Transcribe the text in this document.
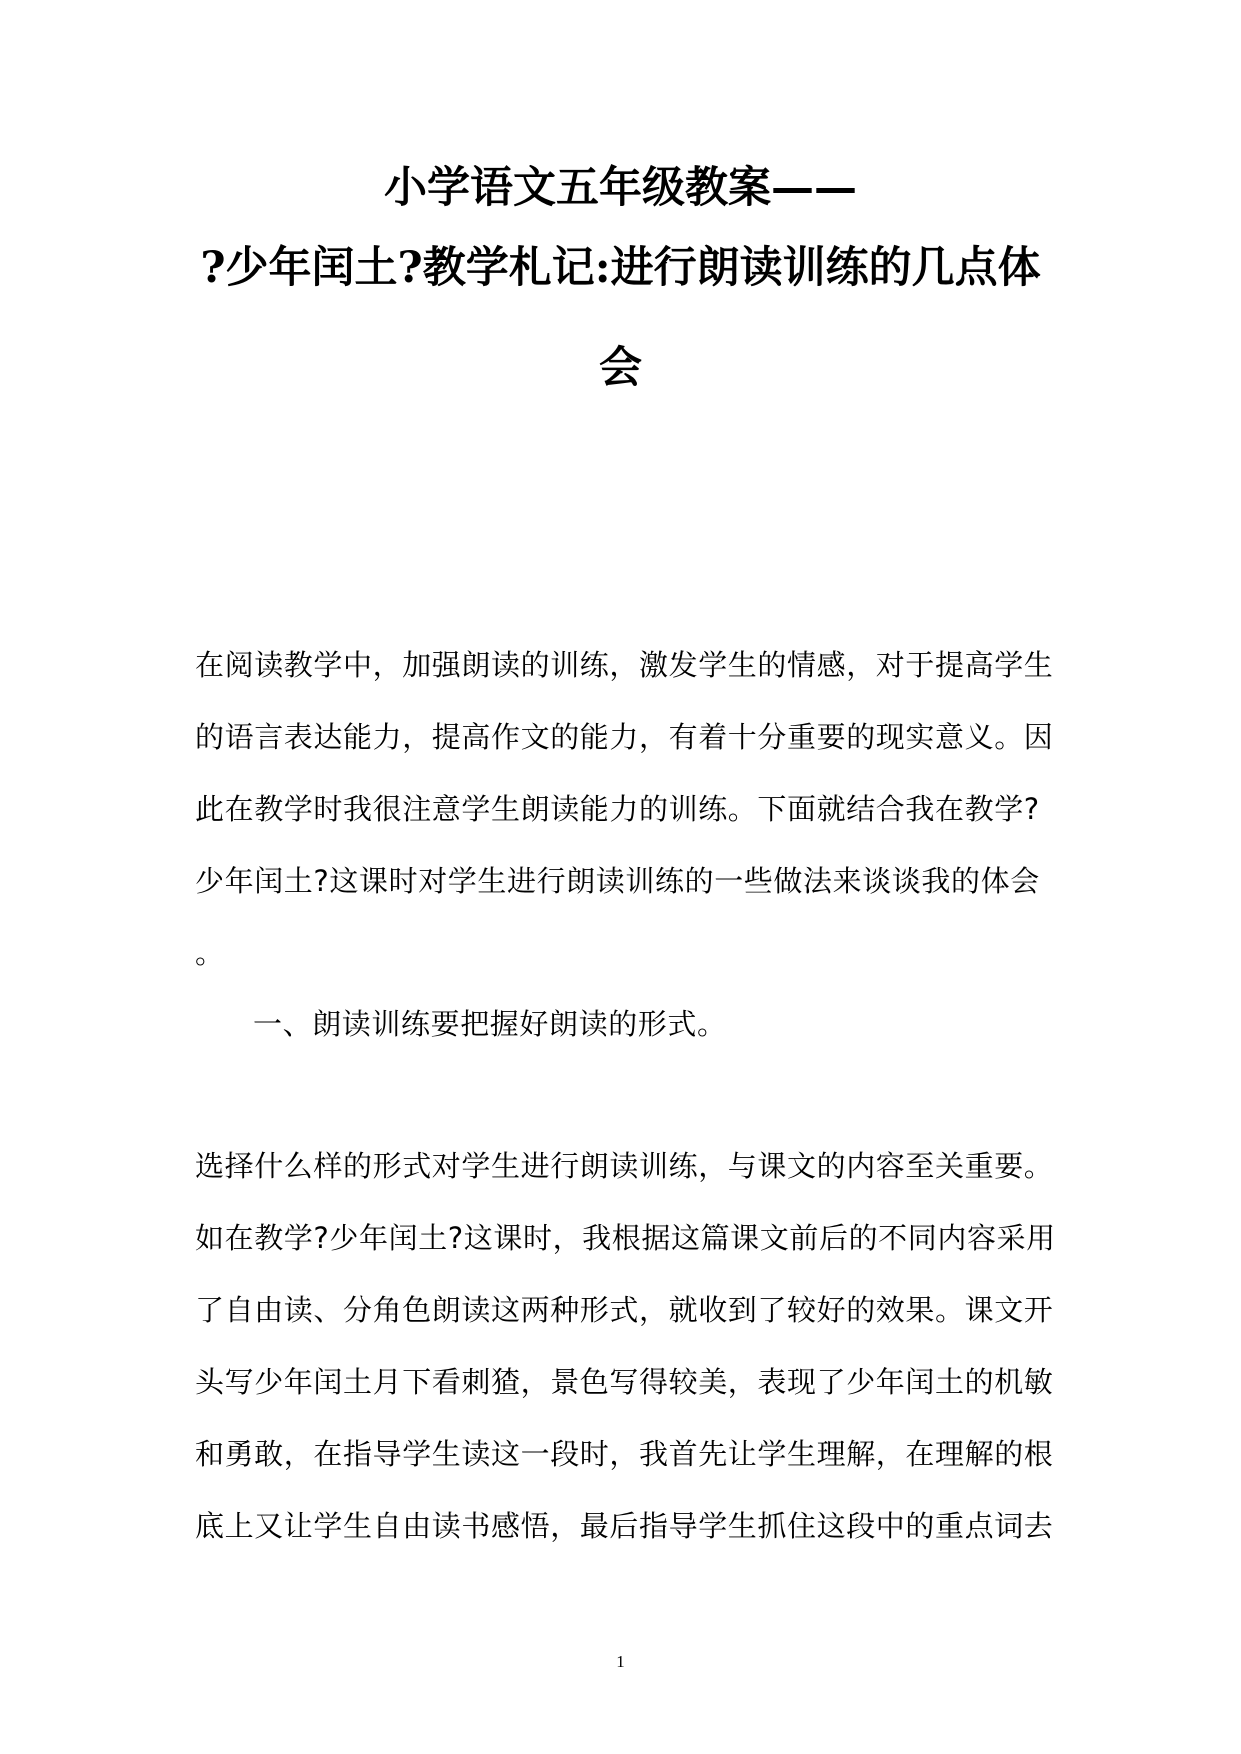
小学语文五年级教案——
?少年闰土?教学札记:进行朗读训练的几点体
会
在阅读教学中，加强朗读的训练，激发学生的情感，对于提高学生
的语言表达能力，提高作文的能力，有着十分重要的现实意义。因
此在教学时我很注意学生朗读能力的训练。下面就结合我在教学?
少年闰土?这课时对学生进行朗读训练的一些做法来谈谈我的体会
。
一、朗读训练要把握好朗读的形式。
选择什么样的形式对学生进行朗读训练，与课文的内容至关重要。
如在教学?少年闰土?这课时，我根据这篇课文前后的不同内容采用
了自由读、分角色朗读这两种形式，就收到了较好的效果。课文开
头写少年闰土月下看刺猹，景色写得较美，表现了少年闰土的机敏
和勇敢，在指导学生读这一段时，我首先让学生理解，在理解的根
底上又让学生自由读书感悟，最后指导学生抓住这段中的重点词去
1
